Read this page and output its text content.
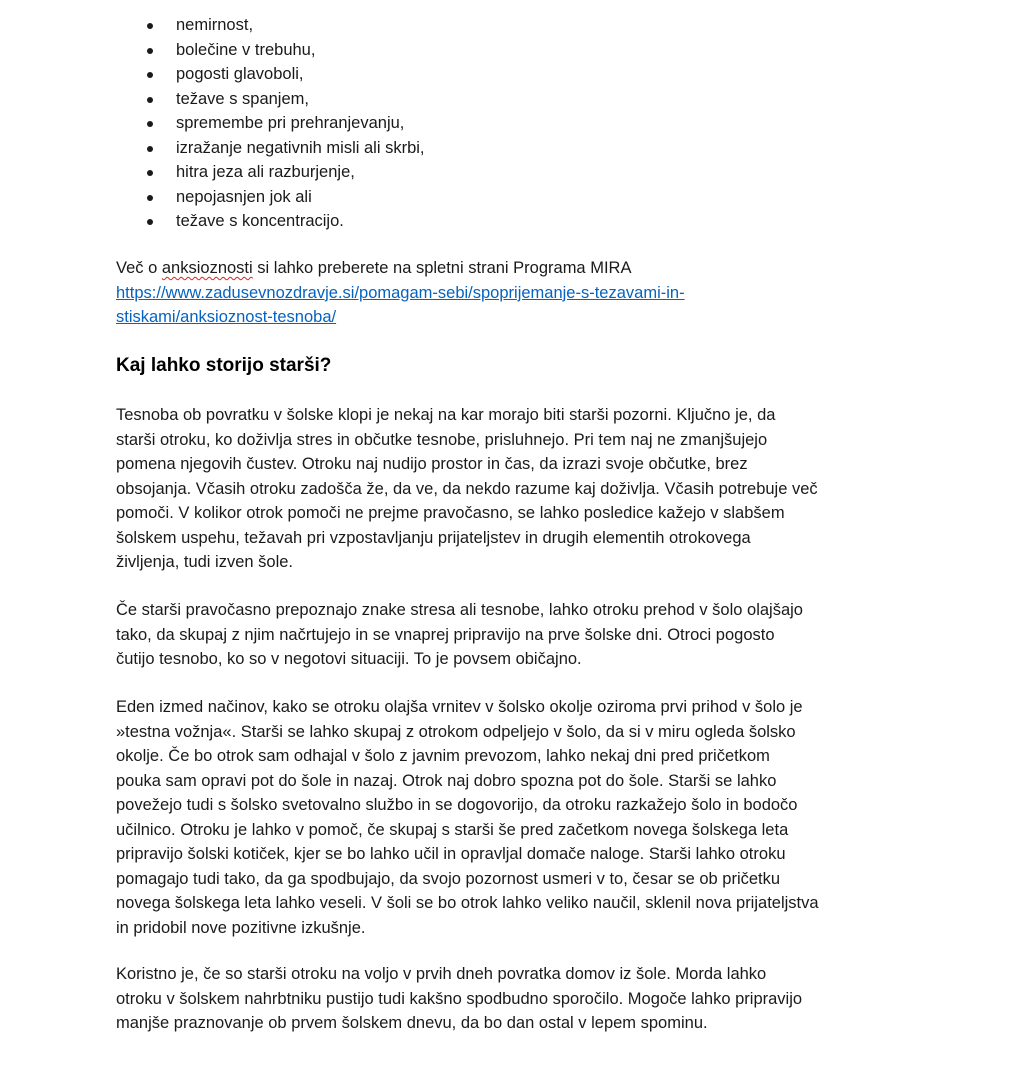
nemirnost,
bolečine v trebuhu,
pogosti glavoboli,
težave s spanjem,
spremembe pri prehranjevanju,
izražanje negativnih misli ali skrbi,
hitra jeza ali razburjenje,
nepojasnjen jok ali
težave s koncentracijo.

Več o anksioznosti si lahko preberete na spletni strani Programa MIRA
https://www.zadusevnozdravje.si/pomagam-sebi/spoprijemanje-s-tezavami-in-
stiskami/anksioznost-tesnoba/

Kaj lahko storijo starši?

Tesnoba ob povratku v šolske klopi je nekaj na kar morajo biti starši pozorni. Ključno je, da
starši otroku, ko doživlja stres in občutke tesnobe, prisluhnejo. Pri tem naj ne zmanjšujejo
pomena njegovih čustev. Otroku naj nudijo prostor in čas, da izrazi svoje občutke, brez
obsojanja. Včasih otroku zadošča že, da ve, da nekdo razume kaj doživlja. Včasih potrebuje več
pomoči. V kolikor otrok pomoči ne prejme pravočasno, se lahko posledice kažejo v slabšem
šolskem uspehu, težavah pri vzpostavljanju prijateljstev in drugih elementih otrokovega
življenja, tudi izven šole.

Če starši pravočasno prepoznajo znake stresa ali tesnobe, lahko otroku prehod v šolo olajšajo
tako, da skupaj z njim načrtujejo in se vnaprej pripravijo na prve šolske dni. Otroci pogosto
čutijo tesnobo, ko so v negotovi situaciji. To je povsem običajno.

Eden izmed načinov, kako se otroku olajša vrnitev v šolsko okolje oziroma prvi prihod v šolo je
»testna vožnja«. Starši se lahko skupaj z otrokom odpeljejo v šolo, da si v miru ogleda šolsko
okolje. Če bo otrok sam odhajal v šolo z javnim prevozom, lahko nekaj dni pred pričetkom
pouka sam opravi pot do šole in nazaj. Otrok naj dobro spozna pot do šole. Starši se lahko
povežejo tudi s šolsko svetovalno službo in se dogovorijo, da otroku razkažejo šolo in bodočo
učilnico. Otroku je lahko v pomoč, če skupaj s starši še pred začetkom novega šolskega leta
pripravijo šolski kotiček, kjer se bo lahko učil in opravljal domače naloge. Starši lahko otroku
pomagajo tudi tako, da ga spodbujajo, da svojo pozornost usmeri v to, česar se ob pričetku
novega šolskega leta lahko veseli. V šoli se bo otrok lahko veliko naučil, sklenil nova prijateljstva
in pridobil nove pozitivne izkušnje.

Koristno je, če so starši otroku na voljo v prvih dneh povratka domov iz šole. Morda lahko
otroku v šolskem nahrbtniku pustijo tudi kakšno spodbudno sporočilo. Mogoče lahko pripravijo
manjše praznovanje ob prvem šolskem dnevu, da bo dan ostal v lepem spominu.
